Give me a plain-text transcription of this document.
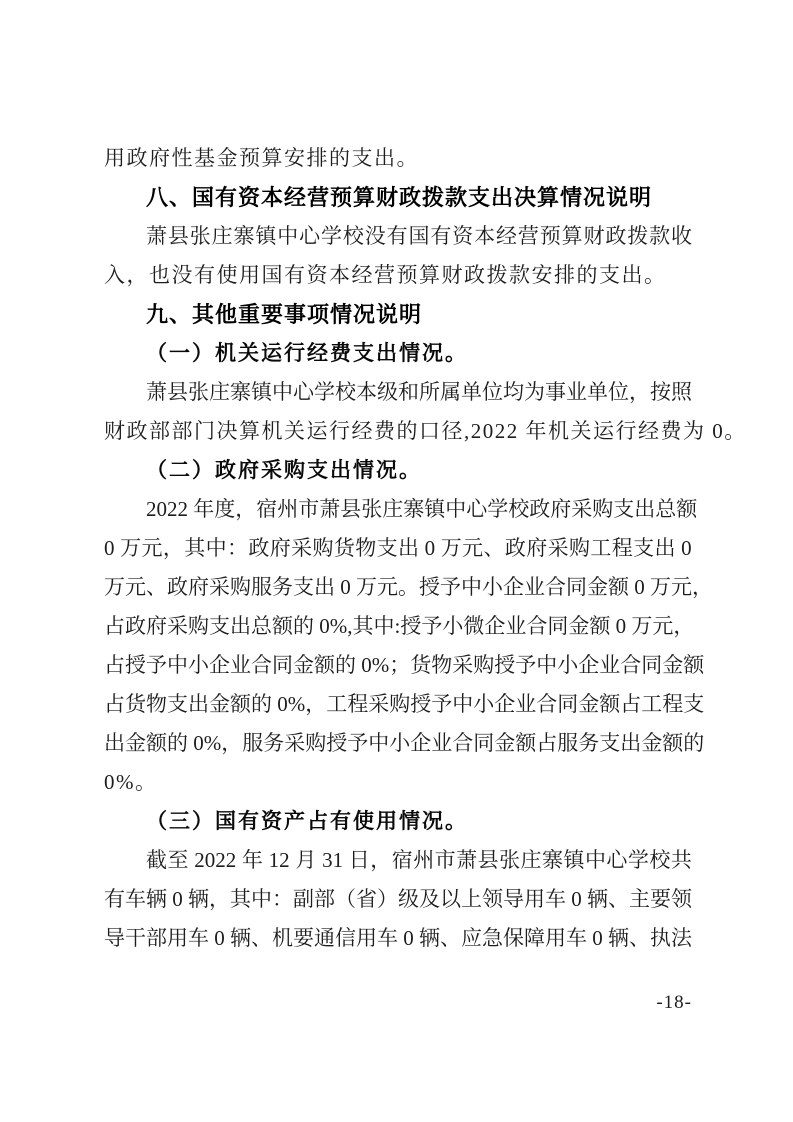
用政府性基金预算安排的支出。

八、国有资本经营预算财政拨款支出决算情况说明

萧 县 张 庄 寨 镇 中 心 学 校 没 有 国 有 资 本 经 营 预 算 财 政 拨 款 收

入，也没有使用国有资本经营预算财政拨款安排的支出。

九、其他重要事项情况说明
（一）机关运行经费支出情况。

萧 县 张 庄 寨 镇 中 心 学 校 本 级 和 所 属 单 位 均 为 事 业 单 位 ， 按 照

财政部部门决算机关运行经费的口径,2022 年机关运行经费为 0。

（二）政府采购支出情况。

2022 年 度 ， 宿 州 市 萧 县 张 庄 寨 镇 中 心 学 校 政 府 采 购 支 出 总 额

0 万 元 ， 其 中 ： 政 府 采 购 货 物 支 出 0 万 元 、 政 府 采 购 工 程 支 出 0

万 元 、 政 府 采 购 服 务 支 出 0 万 元 。 授 予 中 小 企 业 合 同 金 额 0 万 元 ，

占 政 府 采 购 支 出 总 额 的 0%, 其 中 : 授 予 小 微 企 业 合 同 金 额 0 万 元 ，

占 授 予 中 小 企 业 合 同 金 额 的 0% ； 货 物 采 购 授 予 中 小 企 业 合 同 金 额

占 货 物 支 出 金 额 的 0% ， 工 程 采 购 授 予 中 小 企 业 合 同 金 额 占 工 程 支

出 金 额 的 0% ， 服 务 采 购 授 予 中 小 企 业 合 同 金 额 占 服 务 支 出 金 额 的

0%。

（三）国有资产占有使用情况。

截 至 2022 年 12 月 31 日 ， 宿 州 市 萧 县 张 庄 寨 镇 中 心 学 校 共

有 车 辆 0 辆 ， 其 中 ： 副 部 （ 省 ） 级 及 以 上 领 导 用 车 0 辆 、 主 要 领

导 干 部 用 车 0 辆 、 机 要 通 信 用 车 0 辆 、 应 急 保 障 用 车 0 辆 、 执 法

-18-
